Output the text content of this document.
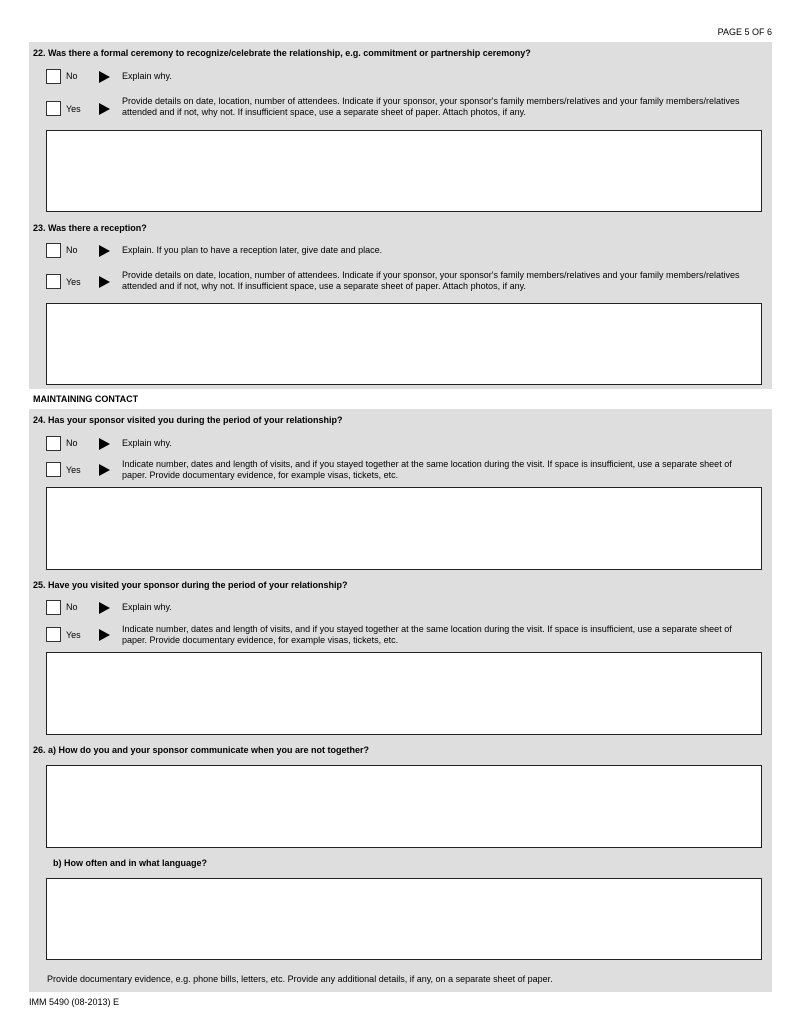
PAGE 5 OF 6
22. Was there a formal ceremony to recognize/celebrate the relationship, e.g. commitment or partnership ceremony?
No	Explain why.
Yes
Provide details on date, location, number of attendees. Indicate if your sponsor, your sponsor's family members/relatives and your family members/relatives attended and if not, why not. If insufficient space, use a separate sheet of paper. Attach photos, if any.
23. Was there a reception?
No	Explain. If you plan to have a reception later, give date and place.
Yes
Provide details on date, location, number of attendees. Indicate if your sponsor, your sponsor's family members/relatives and your family members/relatives attended and if not, why not. If insufficient space, use a separate sheet of paper. Attach photos, if any.
MAINTAINING CONTACT
24. Has your sponsor visited you during the period of your relationship?
No	Explain why.
Yes
Indicate number, dates and length of visits, and if you stayed together at the same location during the visit. If space is insufficient, use a separate sheet of paper. Provide documentary evidence, for example visas, tickets, etc.
25. Have you visited your sponsor during the period of your relationship?
No	Explain why.
Yes
Indicate number, dates and length of visits, and if you stayed together at the same location during the visit. If space is insufficient, use a separate sheet of paper. Provide documentary evidence, for example visas, tickets, etc.
26. a) How do you and your sponsor communicate when you are not together?
b) How often and in what language?
Provide documentary evidence, e.g. phone bills, letters, etc. Provide any additional details, if any, on a separate sheet of paper.
IMM 5490 (08-2013) E
